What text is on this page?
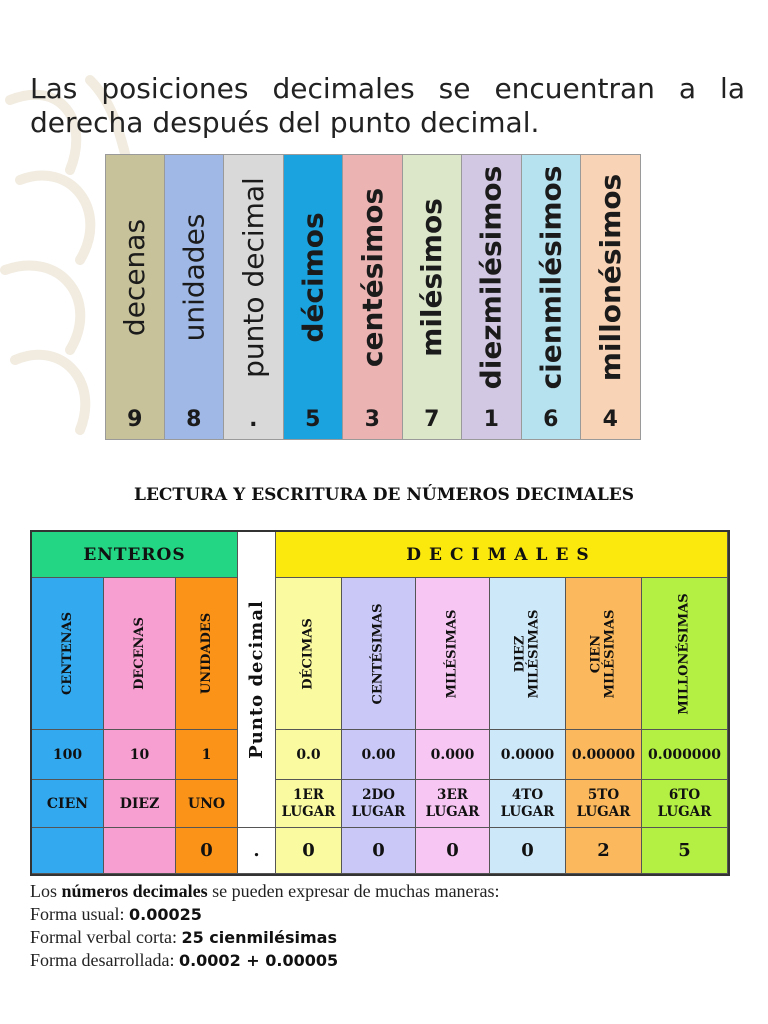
Las posiciones decimales se encuentran a la
derecha después del punto decimal.
decenas
9
unidades
8
punto decimal
.
décimos
5
centésimos
3
milésimos
7
diezmilésimos
1
cienmilésimos
6
millonésimos
4
LECTURA Y ESCRITURA DE NÚMEROS DECIMALES
ENTEROS	DECIMALES
Punto decimal
.
CENTENAS
100
CIEN
DECENAS
10
DIEZ
UNIDADES
1
UNO
0
DÉCIMAS
0.0
1ER
LUGAR
0
CENTÉSIMAS
0.00
2DO
LUGAR
0
MILÉSIMAS
0.000
3ER
LUGAR
0
DIEZ MILÉSIMAS
0.0000
4TO
LUGAR
0
CIEN MILÉSIMAS
0.00000
5TO
LUGAR
2
MILLONÉSIMAS
0.000000
6TO
LUGAR
5
Los números decimales se pueden expresar de muchas maneras:
Forma usual: 0.00025
Formal verbal corta: 25 cienmilésimas
Forma desarrollada: 0.0002 + 0.00005
